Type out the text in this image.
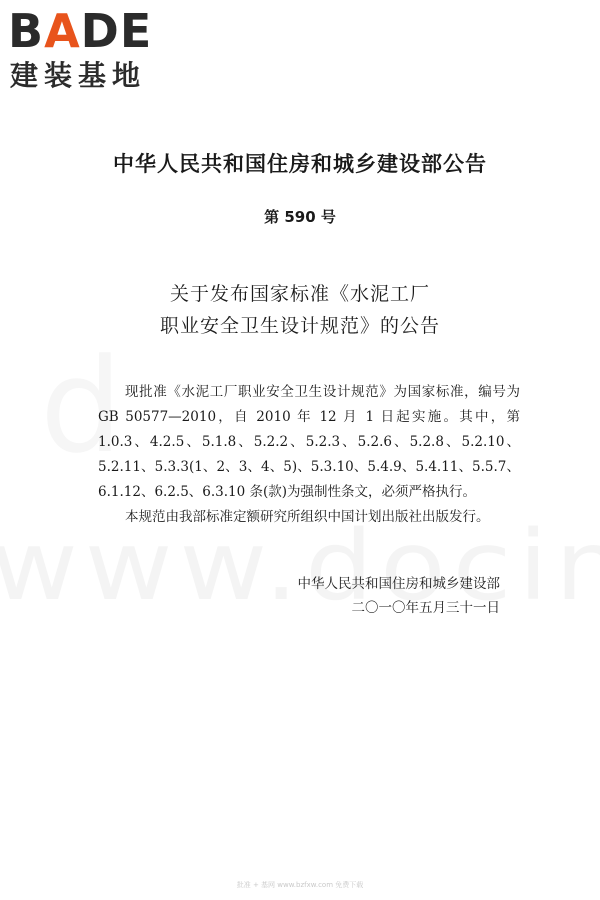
BADE
建装基地
中华人民共和国住房和城乡建设部公告
第 590 号
关于发布国家标准《水泥工厂
职业安全卫生设计规范》的公告

现批准《水泥工厂职业安全卫生设计规范》为国家标准，编号为 GB 50577—2010，自 2010 年 12 月 1 日起实施。其中，第 1.0.3、4.2.5、5.1.8、5.2.2、5.2.3、5.2.6、5.2.8、5.2.10、5.2.11、5.3.3(1、2、3、4、5)、5.3.10、5.4.9、5.4.11、5.5.7、6.1.12、6.2.5、6.3.10 条(款)为强制性条文，必须严格执行。

本规范由我部标准定额研究所组织中国计划出版社出版发行。

中华人民共和国住房和城乡建设部
二〇一〇年五月三十一日
批准 + 基网 www.bzfxw.com 免费下载
